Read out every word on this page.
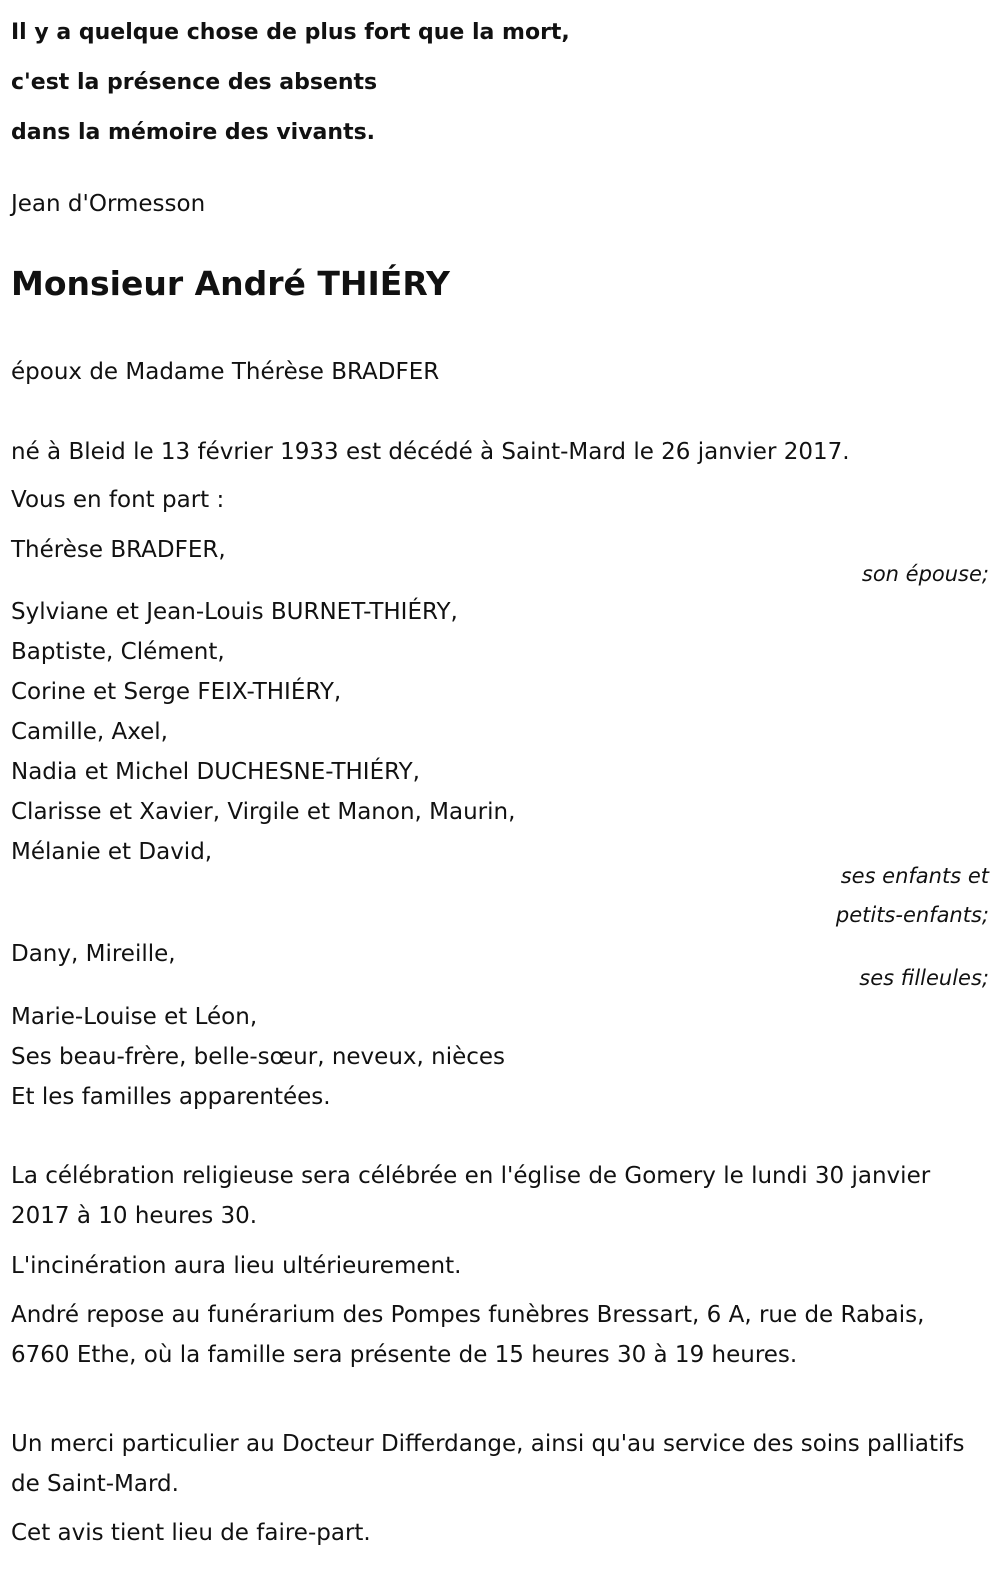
Il y a quelque chose de plus fort que la mort,
c'est la présence des absents
dans la mémoire des vivants.

Jean d'Ormesson

Monsieur André THIÉRY

époux de Madame Thérèse BRADFER

né à Bleid le 13 février 1933 est décédé à Saint-Mard le 26 janvier 2017.

Vous en font part :

Thérèse BRADFER,

son épouse;

Sylviane et Jean-Louis BURNET-THIÉRY,

Baptiste, Clément,

Corine et Serge FEIX-THIÉRY,

Camille, Axel,

Nadia et Michel DUCHESNE-THIÉRY,

Clarisse et Xavier, Virgile et Manon, Maurin,

Mélanie et David,

ses enfants et

petits-enfants;

Dany, Mireille,

ses filleules;

Marie-Louise et Léon,

Ses beau-frère, belle-sœur, neveux, nièces

Et les familles apparentées.

La célébration religieuse sera célébrée en l'église de Gomery le lundi 30 janvier 2017 à 10 heures 30.

L'incinération aura lieu ultérieurement.

André repose au funérarium des Pompes funèbres Bressart, 6 A, rue de Rabais, 6760 Ethe, où la famille sera présente de 15 heures 30 à 19 heures.

Un merci particulier au Docteur Differdange, ainsi qu'au service des soins palliatifs de Saint-Mard.

Cet avis tient lieu de faire-part.
